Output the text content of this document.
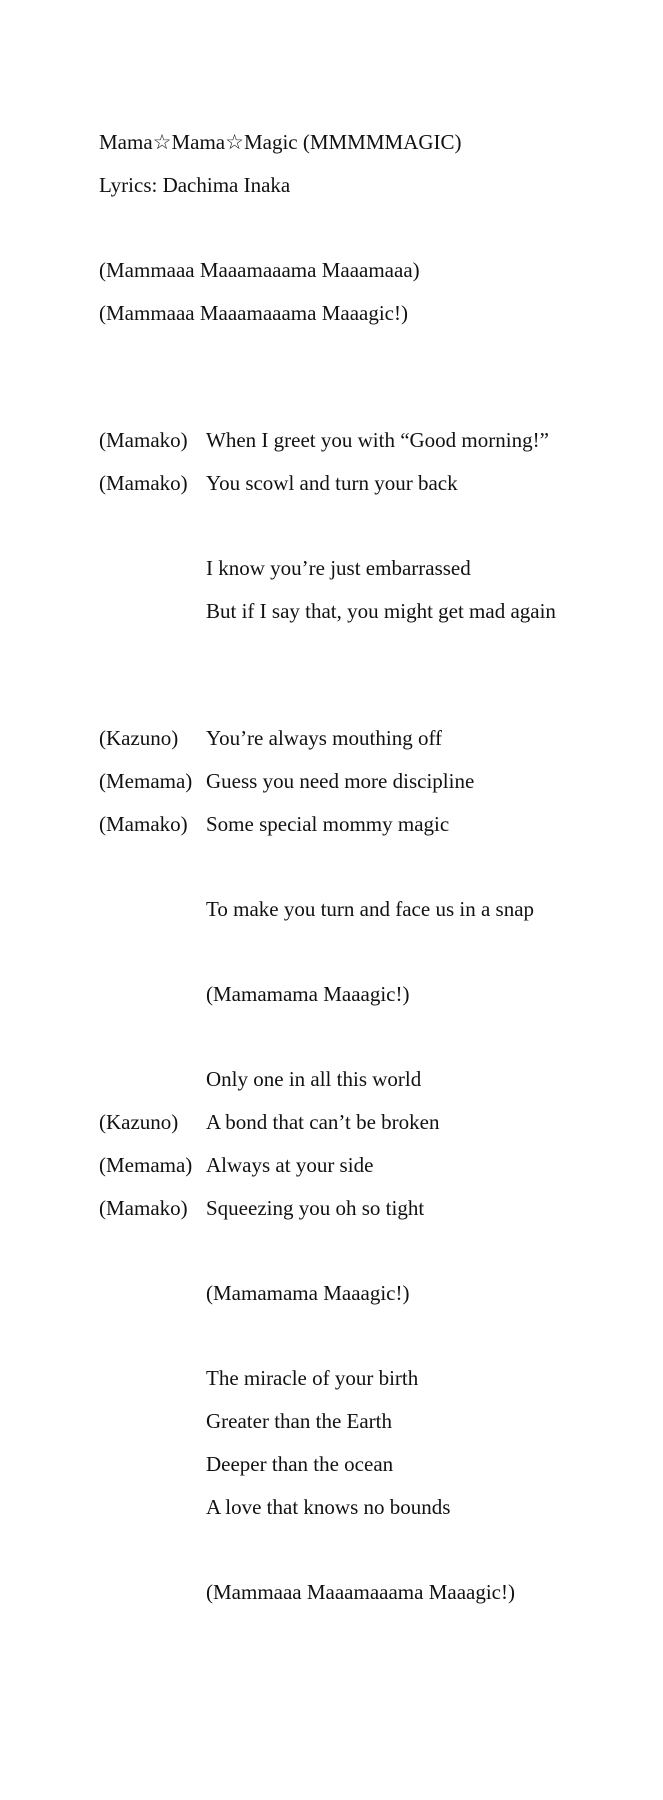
Mama☆Mama☆Magic (MMMMMAGIC)
Lyrics: Dachima Inaka
(Mammaaa Maaamaaama Maaamaaa)
(Mammaaa Maaamaaama Maaagic!)
(Mamako) When I greet you with “Good morning!”
(Mamako) You scowl and turn your back
I know you’re just embarrassed
But if I say that, you might get mad again
(Kazuno) You’re always mouthing off
(Memama) Guess you need more discipline
(Mamako) Some special mommy magic
To make you turn and face us in a snap
(Mamamama Maaagic!)
Only one in all this world
(Kazuno) A bond that can’t be broken
(Memama) Always at your side
(Mamako) Squeezing you oh so tight
(Mamamama Maaagic!)
The miracle of your birth
Greater than the Earth
Deeper than the ocean
A love that knows no bounds
(Mammaaa Maaamaaama Maaagic!)
